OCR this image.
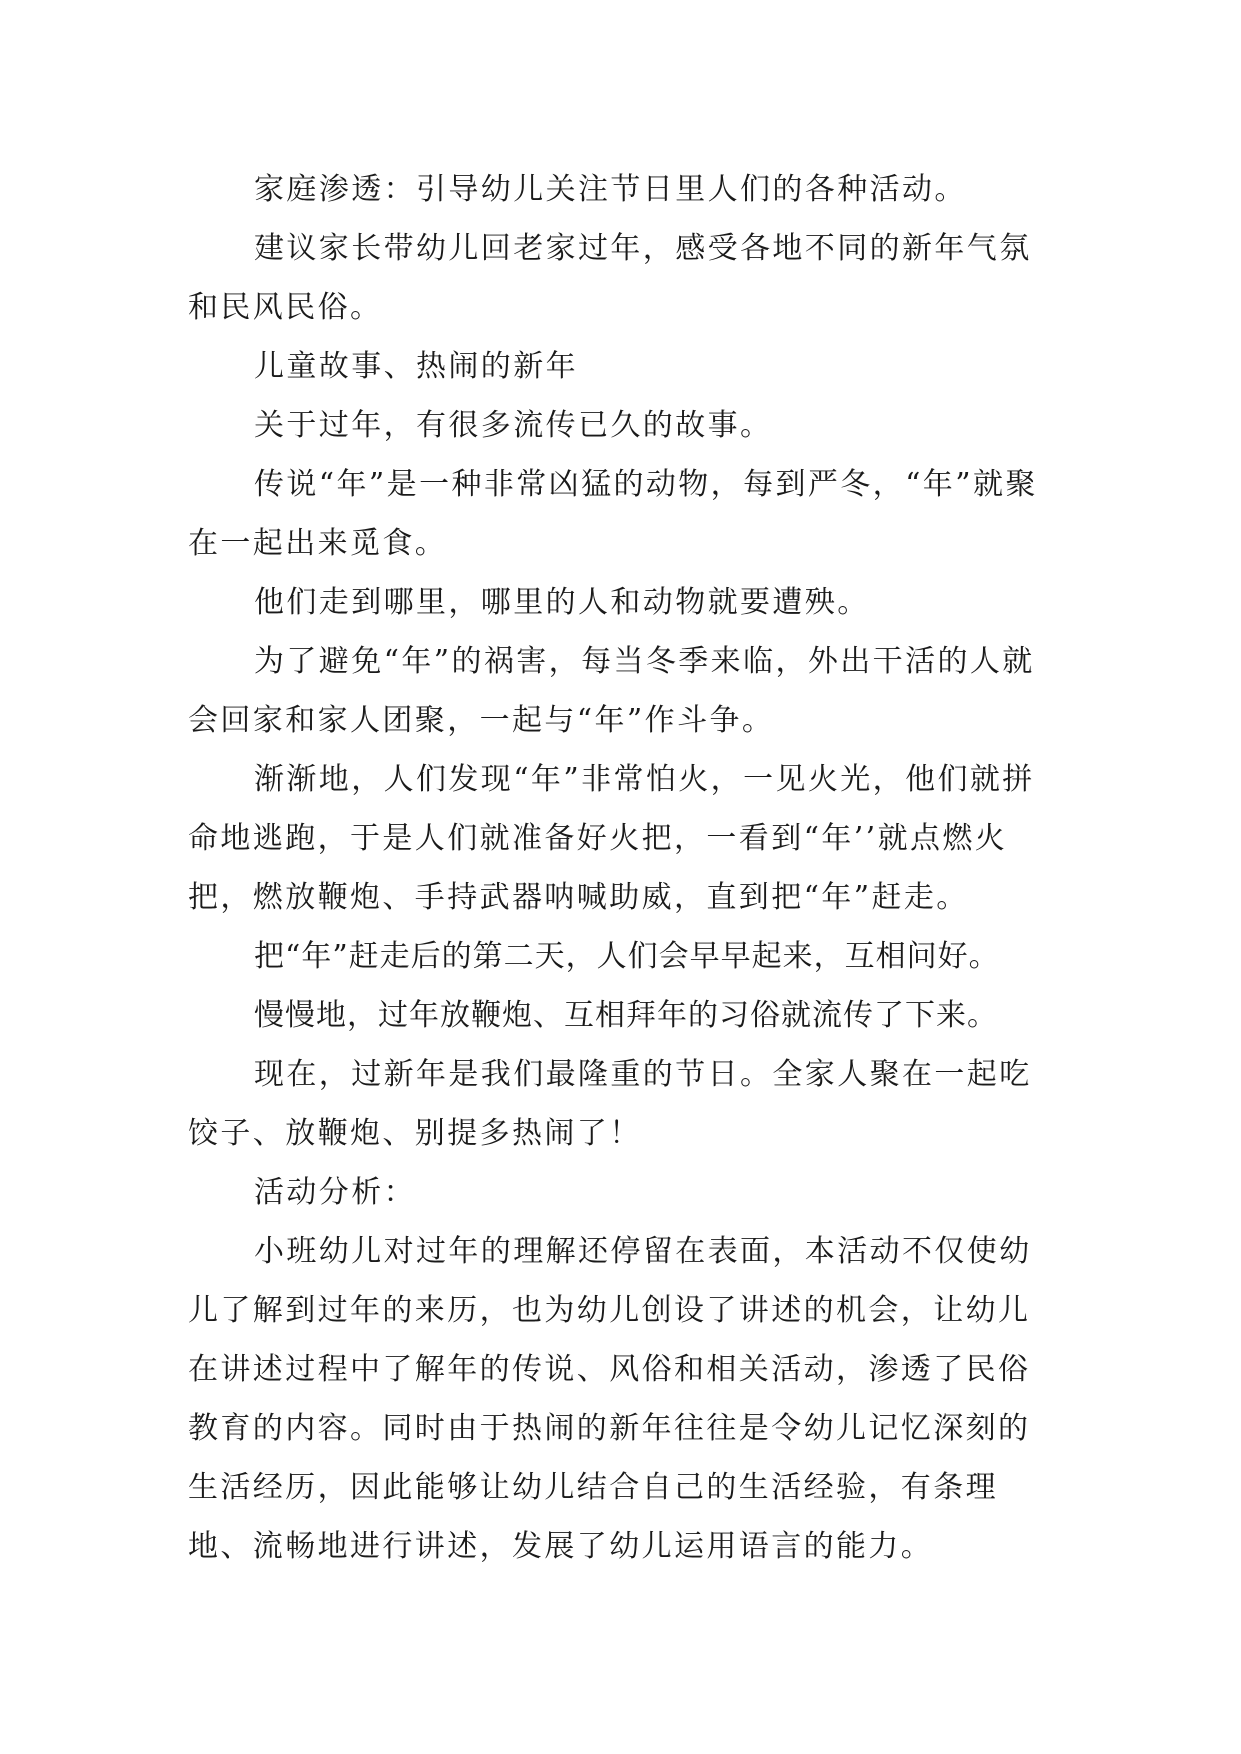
家庭渗透：引导幼儿关注节日里人们的各种活动。

建议家长带幼儿回老家过年，感受各地不同的新年气氛和民风民俗。

儿童故事、热闹的新年

关于过年，有很多流传已久的故事。

传说“年”是一种非常凶猛的动物，每到严冬，“年”就聚在一起出来觅食。

他们走到哪里，哪里的人和动物就要遭殃。

为了避免“年”的祸害，每当冬季来临，外出干活的人就会回家和家人团聚，一起与“年”作斗争。

渐渐地，人们发现“年”非常怕火，一见火光，他们就拼命地逃跑，于是人们就准备好火把，一看到“年’’就点燃火把，燃放鞭炮、手持武器呐喊助威，直到把“年”赶走。

把“年”赶走后的第二天，人们会早早起来，互相问好。

慢慢地，过年放鞭炮、互相拜年的习俗就流传了下来。

现在，过新年是我们最隆重的节日。全家人聚在一起吃饺子、放鞭炮、别提多热闹了！

活动分析：

小班幼儿对过年的理解还停留在表面，本活动不仅使幼儿了解到过年的来历，也为幼儿创设了讲述的机会，让幼儿在讲述过程中了解年的传说、风俗和相关活动，渗透了民俗教育的内容。同时由于热闹的新年往往是令幼儿记忆深刻的生活经历，因此能够让幼儿结合自己的生活经验，有条理地、流畅地进行讲述，发展了幼儿运用语言的能力。
